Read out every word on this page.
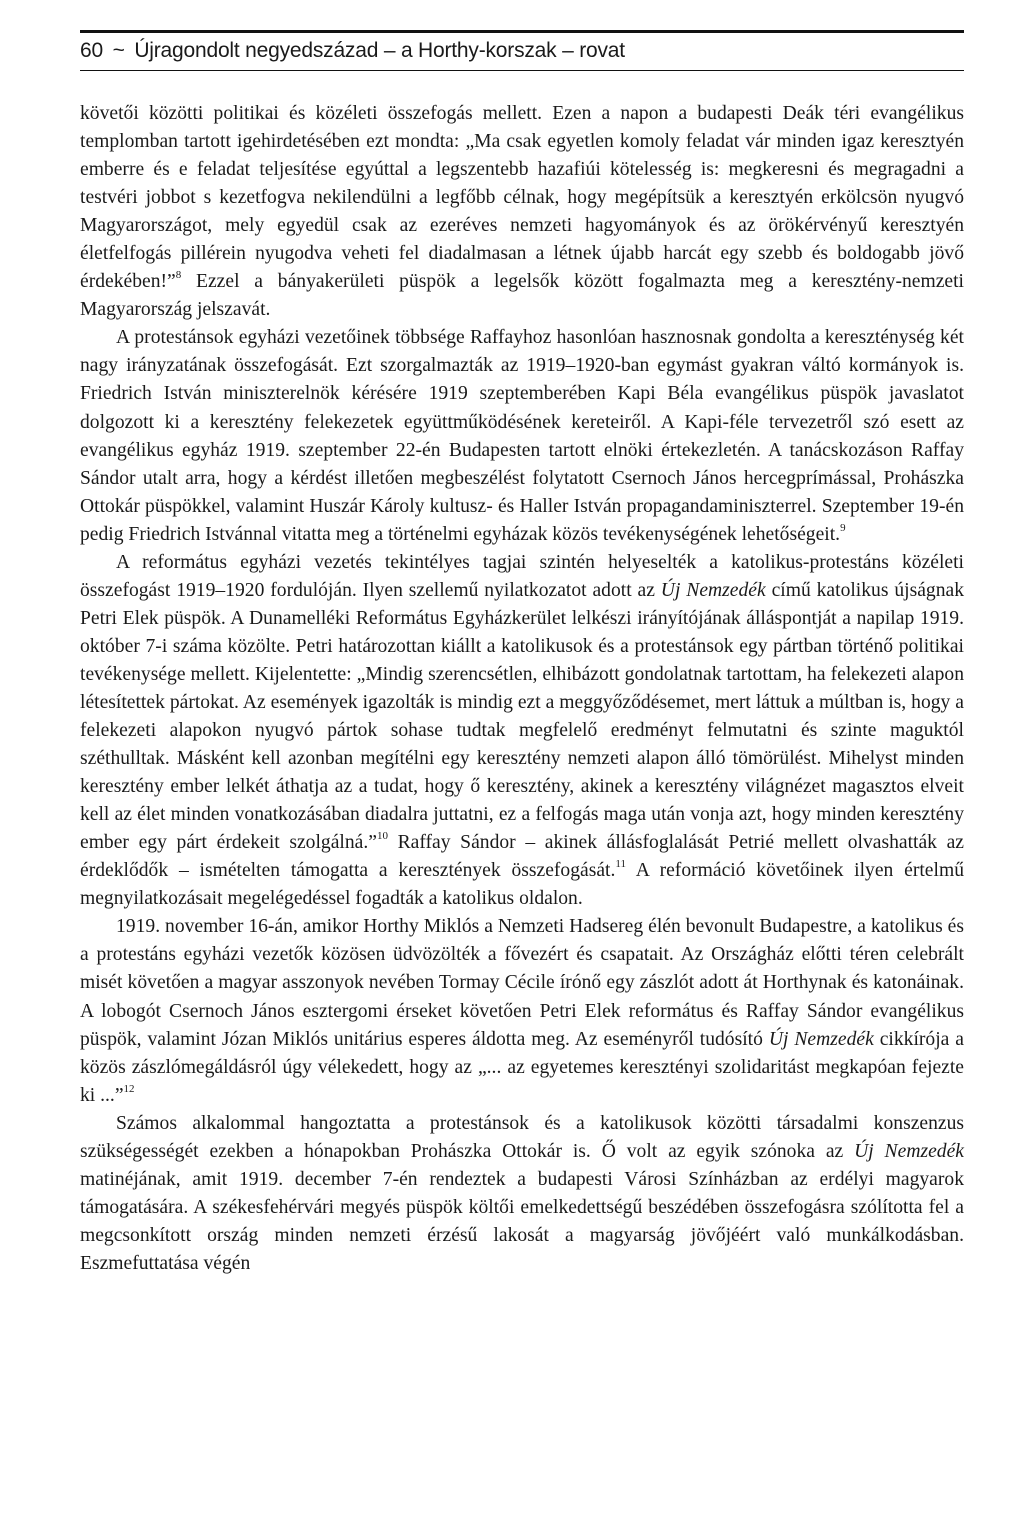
60 ~ Újragondolt negyedszázad – a Horthy-korszak – rovat

követői közötti politikai és közéleti összefogás mellett. Ezen a napon a budapesti Deák téri evangélikus templomban tartott igehirdetésében ezt mondta: „Ma csak egyetlen komoly feladat vár minden igaz keresztyén emberre és e feladat teljesítése egyúttal a legszentebb hazafiúi kötelesség is: megkeresni és megragadni a testvéri jobbot s kezetfogva nekilendülni a legfőbb célnak, hogy megépítsük a keresztyén erkölcsön nyugvó Magyarországot, mely egyedül csak az ezeréves nemzeti hagyományok és az örökérvényű keresztyén életfelfogás pillérein nyugodva veheti fel diadalmasan a létnek újabb harcát egy szebb és boldogabb jövő érdekében!”$^8$ Ezzel a bányakerületi püspök a legelsők között fogalmazta meg a keresztény-nemzeti Magyarország jelszavát.

A protestánsok egyházi vezetőinek többsége Raffayhoz hasonlóan hasznosnak gondolta a kereszténység két nagy irányzatának összefogását. Ezt szorgalmazták az 1919–1920-ban egymást gyakran váltó kormányok is. Friedrich István miniszterelnök kérésére 1919 szeptemberében Kapi Béla evangélikus püspök javaslatot dolgozott ki a keresztény felekezetek együttműködésének kereteiről. A Kapi-féle tervezetről szó esett az evangélikus egyház 1919. szeptember 22-én Budapesten tartott elnöki értekezletén. A tanácskozáson Raffay Sándor utalt arra, hogy a kérdést illetően megbeszélést folytatott Csernoch János hercegprímással, Prohászka Ottokár püspökkel, valamint Huszár Károly kultusz- és Haller István propagandaminiszterrel. Szeptember 19-én pedig Friedrich Istvánnal vitatta meg a történelmi egyházak közös tevékenységének lehetőségeit.$^9$

A református egyházi vezetés tekintélyes tagjai szintén helyeselték a katolikus-protestáns közéleti összefogást 1919–1920 fordulóján. Ilyen szellemű nyilatkozatot adott az Új Nemzedék című katolikus újságnak Petri Elek püspök. A Dunamelléki Református Egyházkerület lelkészi irányítójának álláspontját a napilap 1919. október 7-i száma közölte. Petri határozottan kiállt a katolikusok és a protestánsok egy pártban történő politikai tevékenysége mellett. Kijelentette: „Mindig szerencsétlen, elhibázott gondolatnak tartottam, ha felekezeti alapon létesítettek pártokat. Az események igazolták is mindig ezt a meggyőződésemet, mert láttuk a múltban is, hogy a felekezeti alapokon nyugvó pártok sohase tudtak megfelelő eredményt felmutatni és szinte maguktól széthulltak. Másként kell azonban megítélni egy keresztény nemzeti alapon álló tömörülést. Mihelyst minden keresztény ember lelkét áthatja az a tudat, hogy ő keresztény, akinek a keresztény világnézet magasztos elveit kell az élet minden vonatkozásában diadalra juttatni, ez a felfogás maga után vonja azt, hogy minden keresztény ember egy párt érdekeit szolgálná.”$^{10}$ Raffay Sándor – akinek állásfoglalását Petrié mellett olvashatták az érdeklődők – ismételten támogatta a keresztények összefogását.$^{11}$ A reformáció követőinek ilyen értelmű megnyilatkozásait megelégedéssel fogadták a katolikus oldalon.

1919. november 16-án, amikor Horthy Miklós a Nemzeti Hadsereg élén bevonult Budapestre, a katolikus és a protestáns egyházi vezetők közösen üdvözölték a fővezért és csapatait. Az Országház előtti téren celebrált misét követően a magyar asszonyok nevében Tormay Cécile írónő egy zászlót adott át Horthynak és katonáinak. A lobogót Csernoch János esztergomi érseket követően Petri Elek református és Raffay Sándor evangélikus püspök, valamint Józan Miklós unitárius esperes áldotta meg. Az eseményről tudósító Új Nemzedék cikkírója a közös zászlómegáldásról úgy vélekedett, hogy az „... az egyetemes keresztényi szolidaritást megkapóan fejezte ki ...”$^{12}$

Számos alkalommal hangoztatta a protestánsok és a katolikusok közötti társadalmi konszenzus szükségességét ezekben a hónapokban Prohászka Ottokár is. Ő volt az egyik szónoka az Új Nemzedék matinéjának, amit 1919. december 7-én rendeztek a budapesti Városi Színházban az erdélyi magyarok támogatására. A székesfehérvári megyés püspök költői emelkedettségű beszédében összefogásra szólította fel a megcsonkított ország minden nemzeti érzésű lakosát a magyarság jövőjéért való munkálkodásban. Eszmefuttatása végén
